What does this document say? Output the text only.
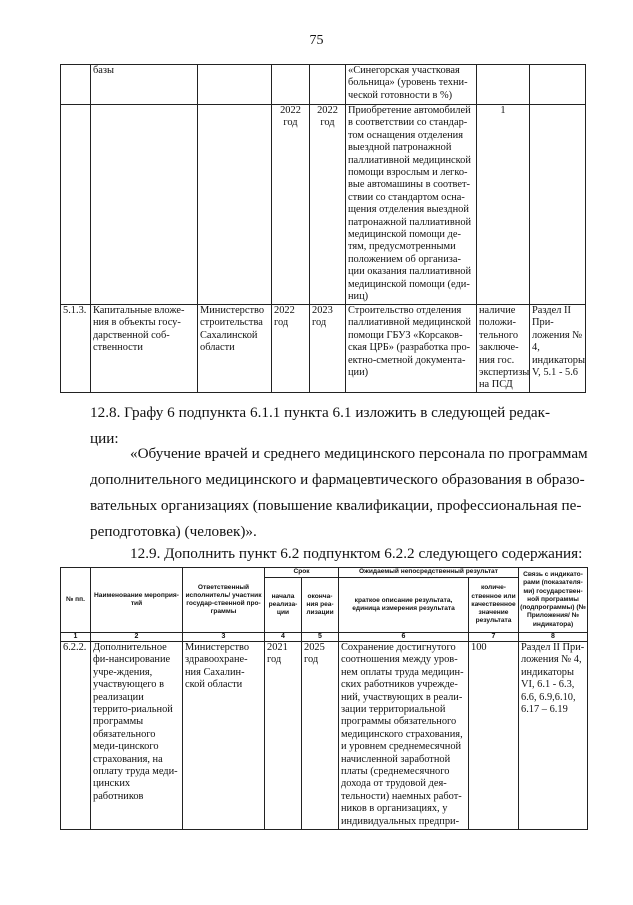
75
	базы				«Синегорская участковая больница» (уровень техни-ческой готовности в %)		
			2022 год	2022 год	Приобретение автомобилей в соответствии со стандар-том оснащения отделения выездной патронажной паллиативной медицинской помощи взрослым и легко-вые автомашины в соответ-ствии со стандартом осна-щения отделения выездной патронажной паллиативной медицинской помощи де-тям, предусмотренными положением об организа-ции оказания паллиативной медицинской помощи (еди-ниц)	1	
5.1.3.	Капитальные вложе-ния в объекты госу-дарственной соб-ственности	Министерство строительства Сахалинской области	2022 год	2023 год	Строительство отделения паллиативной медицинской помощи ГБУЗ «Корсаков-ская ЦРБ» (разработка про-ектно-сметной документа-ции)	наличие положи-тельного заключе-ния гос. экспертизы на ПСД	Раздел II При-ложения № 4, индикаторы V, 5.1 - 5.6

12.8. Графу 6 подпункта 6.1.1 пункта 6.1 изложить в следующей редак-

ции:

«Обучение врачей и среднего медицинского персонала по программам

дополнительного медицинского и фармацевтического образования в образо-

вательных организациях (повышение квалификации, профессиональная пе-

реподготовка) (человек)».

12.9. Дополнить пункт 6.2 подпунктом 6.2.2 следующего содержания:

№ пп.	Наименование мероприя-тий	Ответственный исполнитель/ участник государ-ственной про-граммы	Срок		Ожидаемый непосредственный результат		Связь с индикато-рами (показателя-ми) государствен-ной программы (подпрограммы) (№ Приложения/ № индикатора)
			начала реализа-ции	оконча-ния реа-лизации	краткое описание результата, единица измерения результата	количе-ственное или качественное значение результата	
1	2	3	4	5	6	7	8
6.2.2.	Дополнительное фи-нансирование учре-ждения, участвующего в реализации террито-риальной программы обязательного меди-цинского страхования, на оплату труда меди-цинских работников	Министерство здравоохране-ния Сахалин-ской области	2021 год	2025 год	Сохранение достигнутого соотношения между уров-нем оплаты труда медицин-ских работников учрежде-ний, участвующих в реали-зации территориальной программы обязательного медицинского страхования, и уровнем среднемесячной начисленной заработной платы (среднемесячного дохода от трудовой дея-тельности) наемных работ-ников в организациях, у индивидуальных предпри-	100	Раздел II При-ложения № 4, индикаторы VI, 6.1 - 6.3, 6.6, 6.9,6.10, 6.17 – 6.19
